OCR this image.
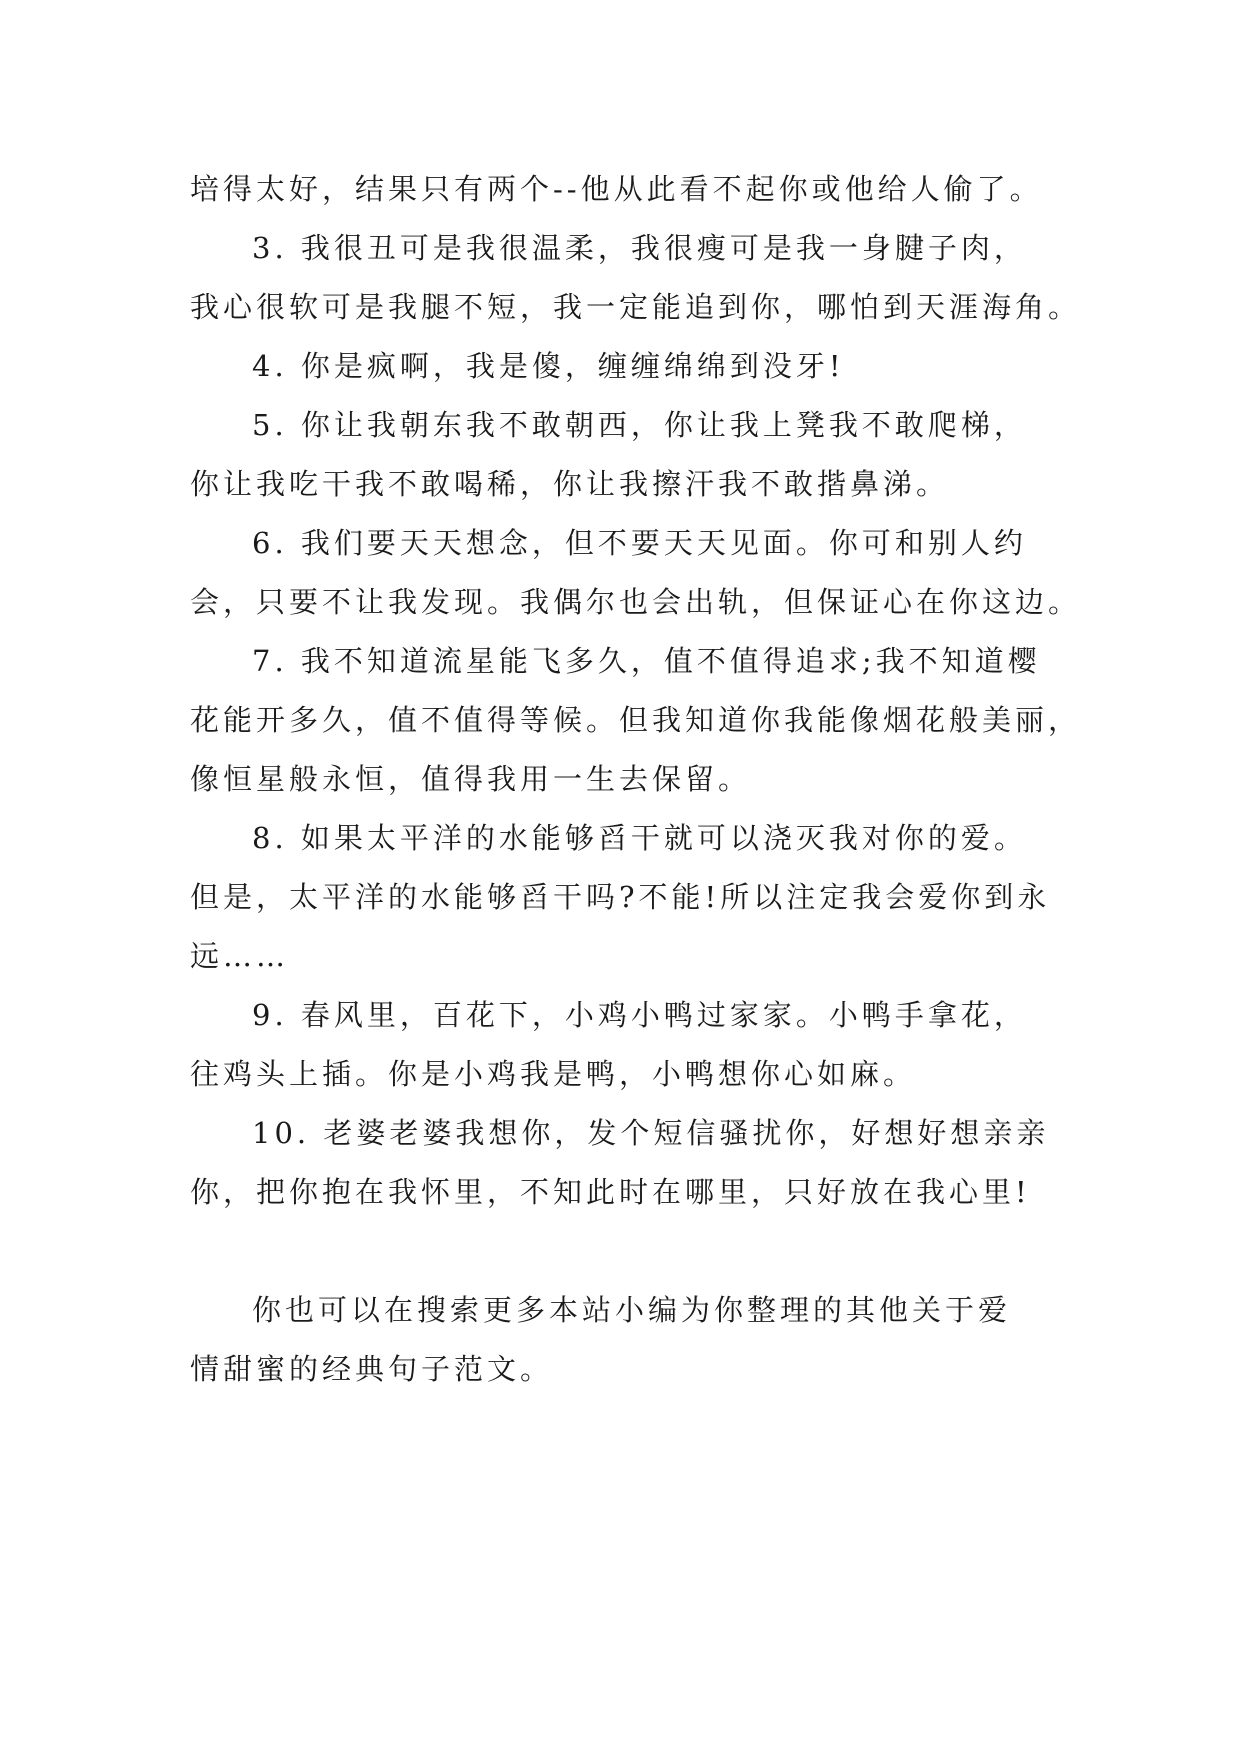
培得太好，结果只有两个--他从此看不起你或他给人偷了。
3. 我很丑可是我很温柔，我很瘦可是我一身腱子肉，
我心很软可是我腿不短，我一定能追到你，哪怕到天涯海角。
4. 你是疯啊，我是傻，缠缠绵绵到没牙!
5. 你让我朝东我不敢朝西，你让我上凳我不敢爬梯，
你让我吃干我不敢喝稀，你让我擦汗我不敢揩鼻涕。
6. 我们要天天想念，但不要天天见面。你可和别人约
会，只要不让我发现。我偶尔也会出轨，但保证心在你这边。
7. 我不知道流星能飞多久，值不值得追求;我不知道樱
花能开多久，值不值得等候。但我知道你我能像烟花般美丽，
像恒星般永恒，值得我用一生去保留。
8. 如果太平洋的水能够舀干就可以浇灭我对你的爱。
但是，太平洋的水能够舀干吗?不能!所以注定我会爱你到永
远……
9. 春风里，百花下，小鸡小鸭过家家。小鸭手拿花，
往鸡头上插。你是小鸡我是鸭，小鸭想你心如麻。
10. 老婆老婆我想你，发个短信骚扰你，好想好想亲亲
你，把你抱在我怀里，不知此时在哪里，只好放在我心里!
你也可以在搜索更多本站小编为你整理的其他关于爱
情甜蜜的经典句子范文。
